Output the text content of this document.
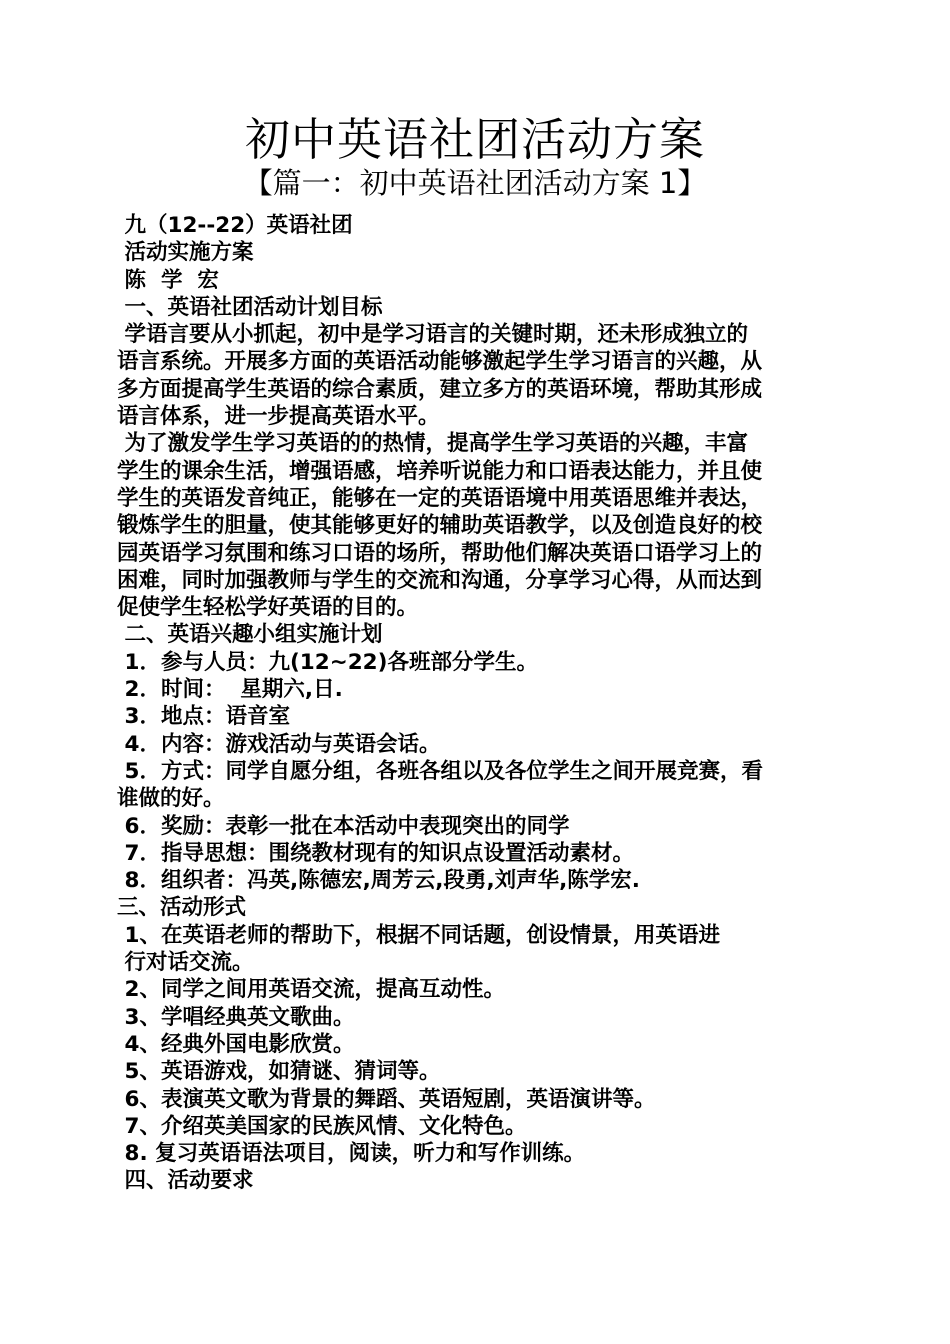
初中英语社团活动方案
【篇一：初中英语社团活动方案 1】
九（12--22）英语社团
活动实施方案
陈  学  宏
一、英语社团活动计划目标
学语言要从小抓起，初中是学习语言的关键时期，还未形成独立的
语言系统。开展多方面的英语活动能够激起学生学习语言的兴趣，从
多方面提高学生英语的综合素质，建立多方的英语环境，帮助其形成
语言体系，进一步提高英语水平。
为了激发学生学习英语的的热情，提高学生学习英语的兴趣，丰富
学生的课余生活，增强语感，培养听说能力和口语表达能力，并且使
学生的英语发音纯正，能够在一定的英语语境中用英语思维并表达，
锻炼学生的胆量，使其能够更好的辅助英语教学，以及创造良好的校
园英语学习氛围和练习口语的场所，帮助他们解决英语口语学习上的
困难，同时加强教师与学生的交流和沟通，分享学习心得，从而达到
促使学生轻松学好英语的目的。
二、英语兴趣小组实施计划
1．参与人员：九(12~22)各班部分学生。
2．时间：  星期六,日.
3．地点：语音室
4．内容：游戏活动与英语会话。
5．方式：同学自愿分组，各班各组以及各位学生之间开展竞赛，看
谁做的好。
6．奖励：表彰一批在本活动中表现突出的同学
7．指导思想：围绕教材现有的知识点设置活动素材。
8．组织者：冯英,陈德宏,周芳云,段勇,刘声华,陈学宏.
三、活动形式
1、在英语老师的帮助下，根据不同话题，创设情景，用英语进
行对话交流。
2、同学之间用英语交流，提高互动性。
3、学唱经典英文歌曲。
4、经典外国电影欣赏。
5、英语游戏，如猜谜、猜词等。
6、表演英文歌为背景的舞蹈、英语短剧，英语演讲等。
7、介绍英美国家的民族风情、文化特色。
8. 复习英语语法项目，阅读，听力和写作训练。
四、活动要求
